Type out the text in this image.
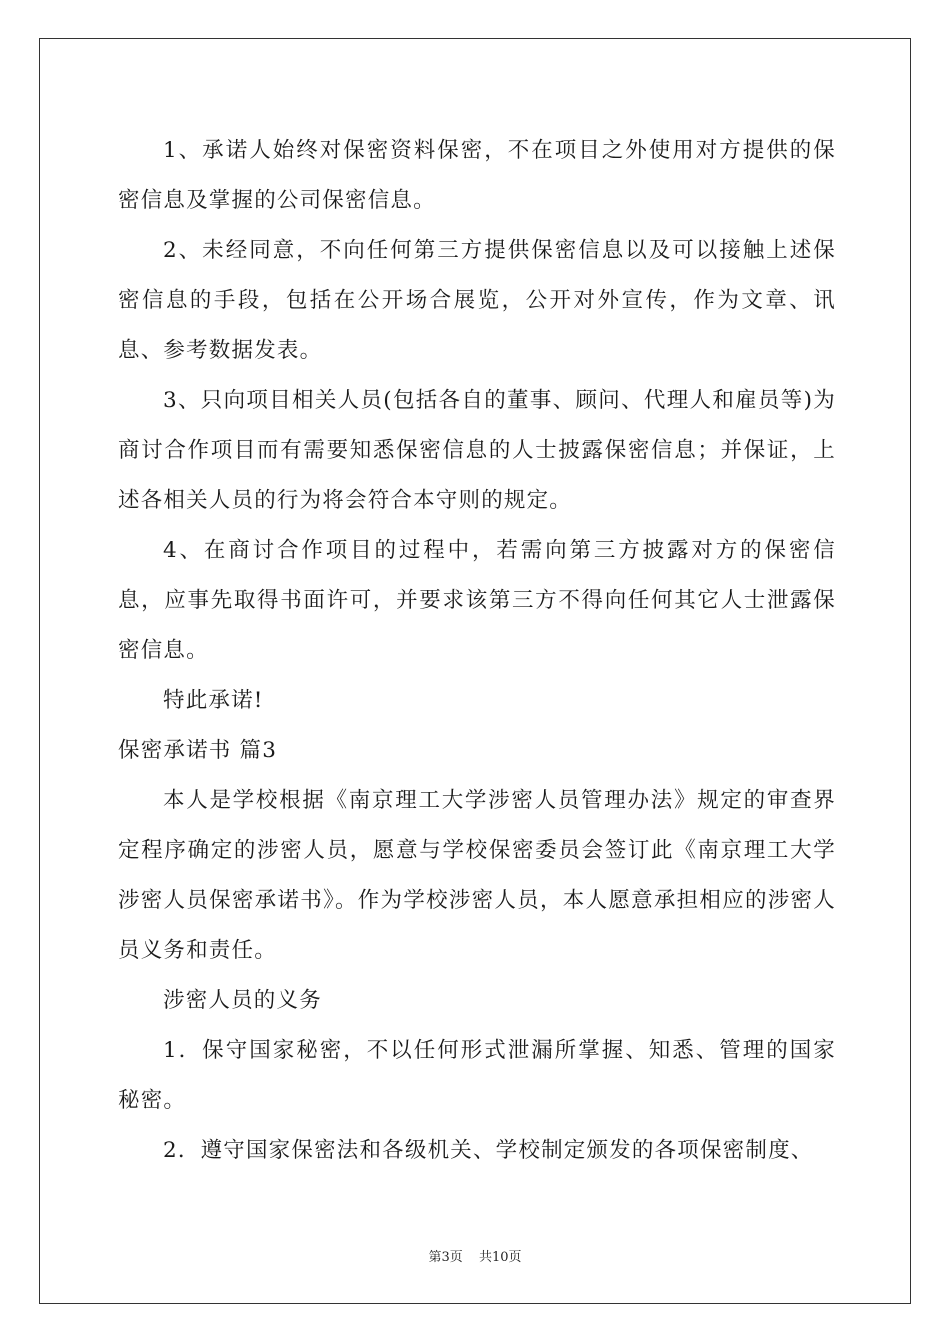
1、承诺人始终对保密资料保密，不在项目之外使用对方提供的保密信息及掌握的公司保密信息。

2、未经同意，不向任何第三方提供保密信息以及可以接触上述保密信息的手段，包括在公开场合展览，公开对外宣传，作为文章、讯息、参考数据发表。

3、只向项目相关人员(包括各自的董事、顾问、代理人和雇员等)为商讨合作项目而有需要知悉保密信息的人士披露保密信息；并保证，上述各相关人员的行为将会符合本守则的规定。

4、在商讨合作项目的过程中，若需向第三方披露对方的保密信息，应事先取得书面许可，并要求该第三方不得向任何其它人士泄露保密信息。

特此承诺!

保密承诺书 篇3

本人是学校根据《南京理工大学涉密人员管理办法》规定的审查界定程序确定的涉密人员，愿意与学校保密委员会签订此《南京理工大学涉密人员保密承诺书》。作为学校涉密人员，本人愿意承担相应的涉密人员义务和责任。

涉密人员的义务

1．保守国家秘密，不以任何形式泄漏所掌握、知悉、管理的国家秘密。

2．遵守国家保密法和各级机关、学校制定颁发的各项保密制度、

第3页 共10页
